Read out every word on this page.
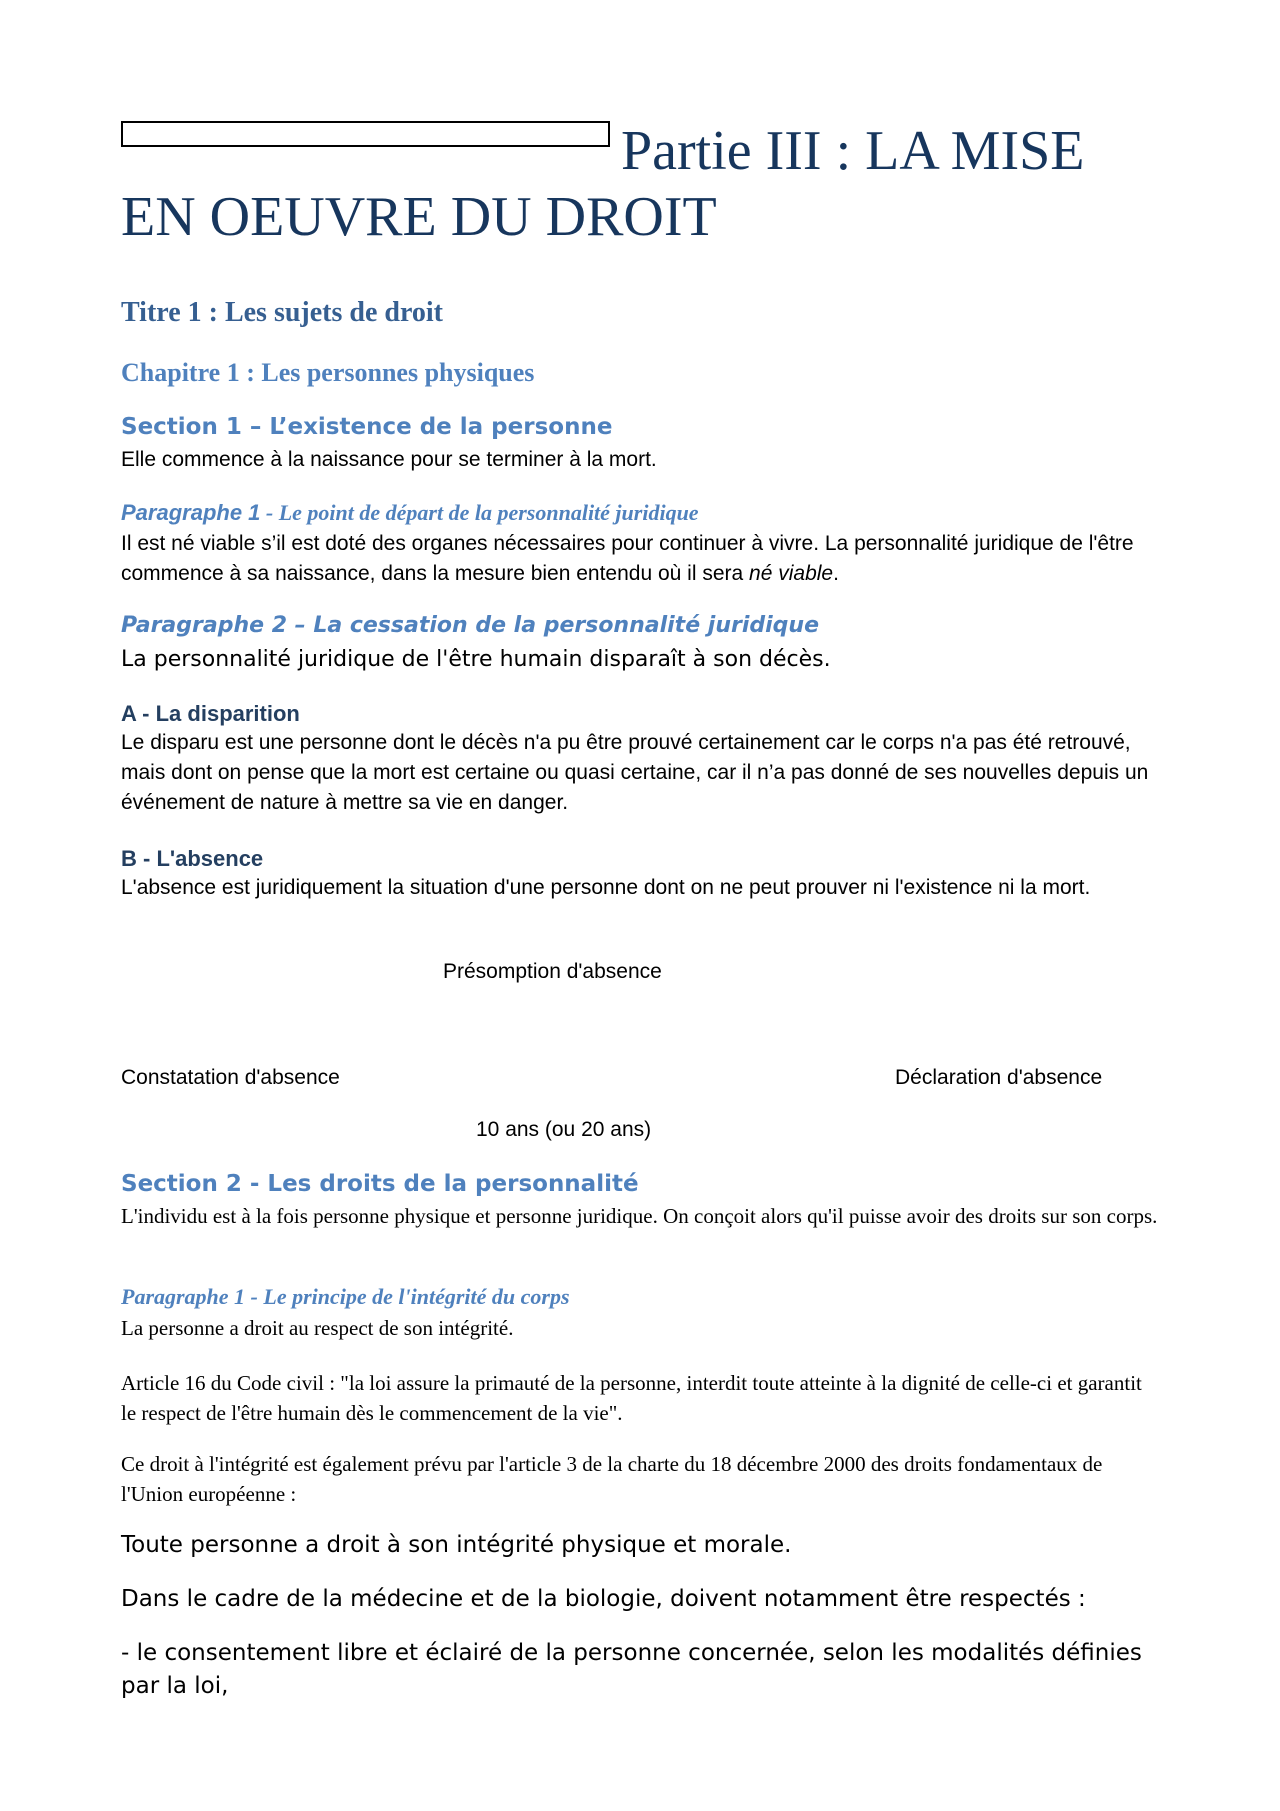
Partie III : LA MISE EN OEUVRE DU DROIT
Titre 1 : Les sujets de droit
Chapitre 1 : Les personnes physiques
Section 1 – L’existence de la personne

Elle commence à la naissance pour se terminer à la mort.

Paragraphe 1 - Le point de départ de la personnalité juridique

Il est né viable s’il est doté des organes nécessaires pour continuer à vivre. La personnalité juridique de l'être commence à sa naissance, dans la mesure bien entendu où il sera né viable.

Paragraphe 2 – La cessation de la personnalité juridique

La personnalité juridique de l'être humain disparaît à son décès.

A - La disparition

Le disparu est une personne dont le décès n'a pu être prouvé certainement car le corps n'a pas été retrouvé, mais dont on pense que la mort est certaine ou quasi certaine, car il n’a pas donné de ses nouvelles depuis un événement de nature à mettre sa vie en danger.

B - L'absence

L'absence est juridiquement la situation d'une personne dont on ne peut prouver ni l'existence ni la mort.

Présomption d'absence

Constatation d'absence	Déclaration d'absence

10 ans (ou 20 ans)

Section 2 - Les droits de la personnalité

L'individu est à la fois personne physique et personne juridique. On conçoit alors qu'il puisse avoir des droits sur son corps.

Paragraphe 1 - Le principe de l'intégrité du corps

La personne a droit au respect de son intégrité.

Article 16 du Code civil : "la loi assure la primauté de la personne, interdit toute atteinte à la dignité de celle-ci et garantit le respect de l'être humain dès le commencement de la vie".

Ce droit à l'intégrité est également prévu par l'article 3 de la charte du 18 décembre 2000 des droits fondamentaux de l'Union européenne :

Toute personne a droit à son intégrité physique et morale.

Dans le cadre de la médecine et de la biologie, doivent notamment être respectés :

- le consentement libre et éclairé de la personne concernée, selon les modalités définies par la loi,
